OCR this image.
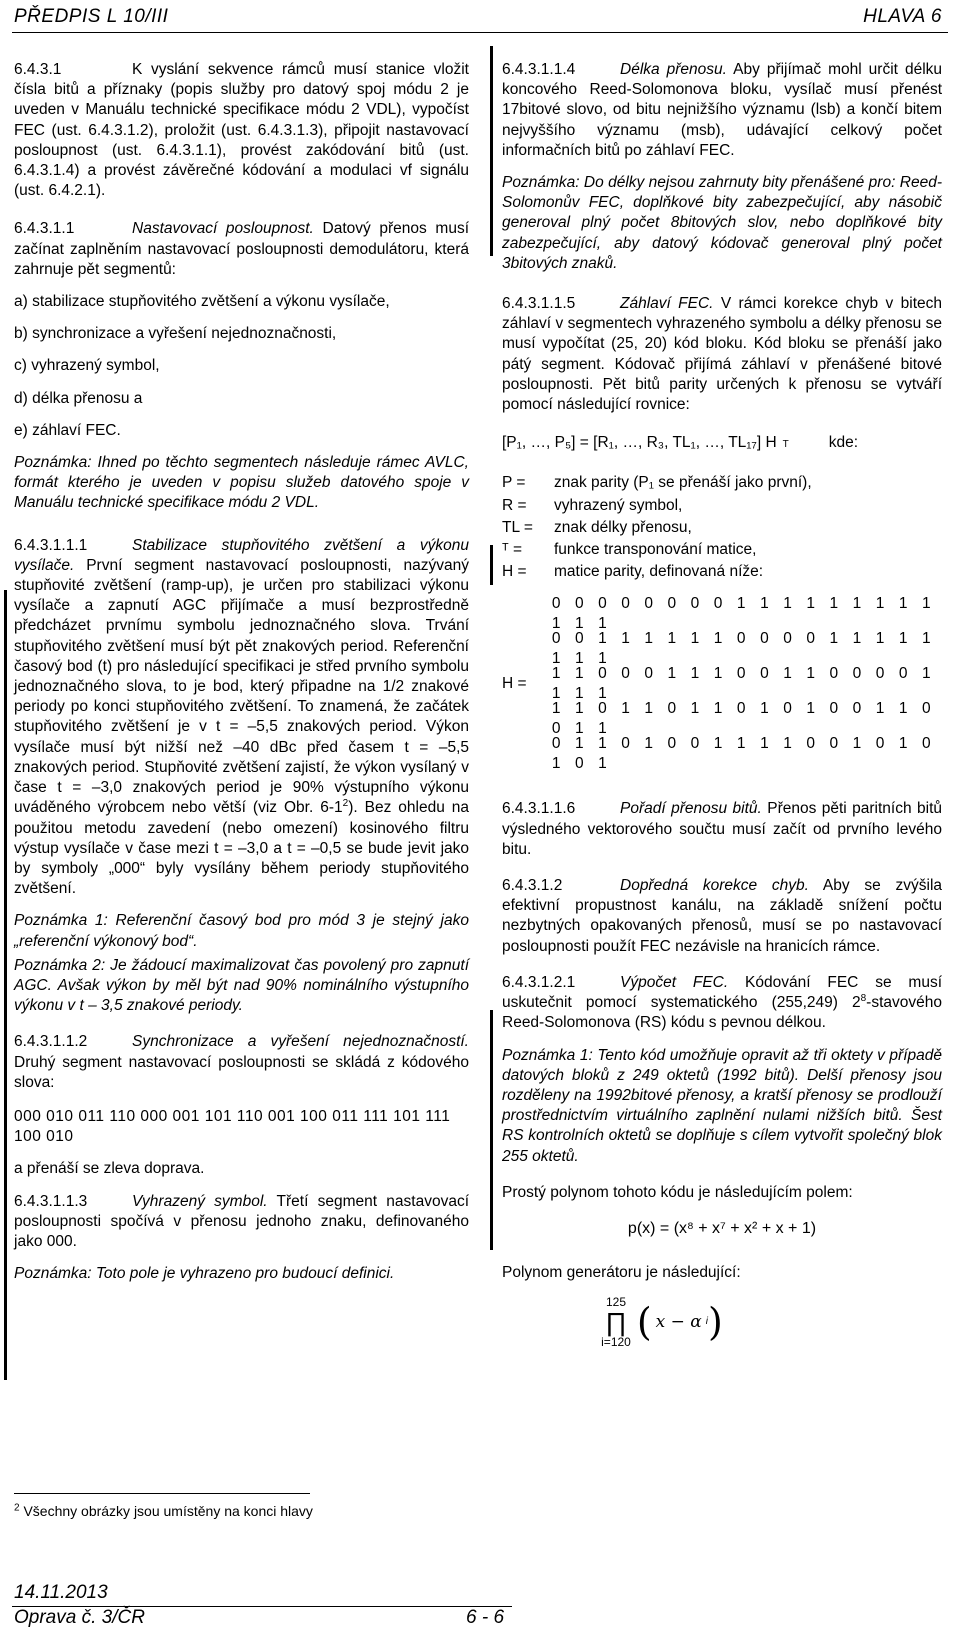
PŘEDPIS L 10/III	HLAVA 6

6.4.3.1	K vyslání sekvence rámců musí stanice vložit čísla bitů a příznaky (popis služby pro datový spoj módu 2 je uveden v Manuálu technické specifikace módu 2 VDL), vypočíst FEC (ust. 6.4.3.1.2), proložit (ust. 6.4.3.1.3), připojit nastavovací posloupnost (ust. 6.4.3.1.1), provést zakódování bitů (ust. 6.4.3.1.4) a provést závěrečné kódování a modulaci vf signálu (ust. 6.4.2.1).

6.4.3.1.1	Nastavovací posloupnost. Datový přenos musí začínat zaplněním nastavovací posloupnosti demodulátoru, která zahrnuje pět segmentů:

a) stabilizace stupňovitého zvětšení a výkonu vysílače,

b) synchronizace a vyřešení nejednoznačnosti,

c) vyhrazený symbol,

d) délka přenosu a

e) záhlaví FEC.

Poznámka: Ihned po těchto segmentech následuje rámec AVLC, formát kterého je uveden v popisu služeb datového spoje v Manuálu technické specifikace módu 2 VDL.

6.4.3.1.1.1	Stabilizace stupňovitého zvětšení a výkonu vysílače. První segment nastavovací posloupnosti, nazývaný stupňovité zvětšení (ramp-up), je určen pro stabilizaci výkonu vysílače a zapnutí AGC přijímače a musí bezprostředně předcházet prvnímu symbolu jednoznačného slova. Trvání stupňovitého zvětšení musí být pět znakových period. Referenční časový bod (t) pro následující specifikaci je střed prvního symbolu jednoznačného slova, to je bod, který připadne na 1/2 znakové periody po konci stupňovitého zvětšení. To znamená, že začátek stupňovitého zvětšení je v t = –5,5 znakových period. Výkon vysílače musí být nižší než –40 dBc před časem t = –5,5 znakových period. Stupňovité zvětšení zajistí, že výkon vysílaný v čase t = –3,0 znakových period je 90% výstupního výkonu uváděného výrobcem nebo větší (viz Obr. $6-1^2$). Bez ohledu na použitou metodu zavedení (nebo omezení) kosinového filtru výstup vysílače v čase mezi t = –3,0 a t = –0,5 se bude jevit jako by symboly „000“ byly vysílány během periody stupňovitého zvětšení.

Poznámka 1: Referenční časový bod pro mód 3 je stejný jako „referenční výkonový bod“.

Poznámka 2: Je žádoucí maximalizovat čas povolený pro zapnutí AGC. Avšak výkon by měl být nad 90% nominálního výstupního výkonu v t – 3,5 znakové periody.

6.4.3.1.1.2	Synchronizace a vyřešení nejednoznačností. Druhý segment nastavovací posloupnosti se skládá z kódového slova:

000 010 011 110 000 001 101 110 001 100 011 111 101 111 100 010

a přenáší se zleva doprava.

6.4.3.1.1.3	Vyhrazený symbol. Třetí segment nastavovací posloupnosti spočívá v přenosu jednoho znaku, definovaného jako 000.

Poznámka: Toto pole je vyhrazeno pro budoucí definici.

6.4.3.1.1.4	Délka přenosu. Aby přijímač mohl určit délku koncového Reed-Solomonova bloku, vysílač musí přenést 17bitové slovo, od bitu nejnižšího významu (lsb) a končí bitem nejvyššího významu (msb), udávající celkový počet informačních bitů po záhlaví FEC.

Poznámka: Do délky nejsou zahrnuty bity přenášené pro: Reed-Solomonův FEC, doplňkové bity zabezpečující, aby násobič generoval plný počet 8bitových slov, nebo doplňkové bity zabezpečující, aby datový kódovač generoval plný počet 3bitových znaků.

6.4.3.1.1.5	Záhlaví FEC. V rámci korekce chyb v bitech záhlaví v segmentech vyhrazeného symbolu a délky přenosu se musí vypočítat (25, 20) kód bloku. Kód bloku se přenáší jako pátý segment. Kódovač přijímá záhlaví v přenášené bitové posloupnosti. Pět bitů parity určených k přenosu se vytváří pomocí následující rovnice:

[P₁, …, P₅] = [R₁, …, R₃, TL₁, …, TL₁₇] H T	kde:
P = znak parity (P₁ se přenáší jako první),
R = vyhrazený symbol,
TL = znak délky přenosu,
ᵀ = funkce transponování matice,
H = matice parity, definovaná níže:
0 0 0 0 0 0 0 0 1 1 1 1 1 1 1 1 1 1 1 1
0 0 1 1 1 1 1 1 0 0 0 0 1 1 1 1 1 1 1 1
H =
1 1 0 0 0 1 1 1 0 0 1 1 0 0 0 0 1 1 1 1
1 1 0 1 1 0 1 1 0 1 0 1 0 0 1 1 0 0 1 1
0 1 1 0 1 0 0 1 1 1 1 0 0 1 0 1 0 1 0 1

6.4.3.1.1.6	Pořadí přenosu bitů. Přenos pěti paritních bitů výsledného vektorového součtu musí začít od prvního levého bitu.

6.4.3.1.2	Dopředná korekce chyb. Aby se zvýšila efektivní propustnost kanálu, na základě snížení počtu nezbytných opakovaných přenosů, musí se po nastavovací posloupnosti použít FEC nezávisle na hranicích rámce.

6.4.3.1.2.1	Výpočet FEC. Kódování FEC se musí uskutečnit pomocí systematického (255,249) $2^8$-stavového Reed-Solomonova (RS) kódu s pevnou délkou.

Poznámka 1: Tento kód umožňuje opravit až tři oktety v případě datových bloků z 249 oktetů (1992 bitů). Delší přenosy jsou rozděleny na 1992bitové přenosy, a kratší přenosy se prodlouží prostřednictvím virtuálního zaplnění nulami nižších bitů. Šest RS kontrolních oktetů se doplňuje s cílem vytvořit společný blok 255 oktetů.

Prostý polynom tohoto kódu je následujícím polem:

p(x) = (x⁸ + x⁷ + x² + x + 1)

Polynom generátoru je následující:

125
∏
i=120 ( x − α i )
$^2$ Všechny obrázky jsou umístěny na konci hlavy
14.11.2013
Oprava č. 3/ČR	6 - 6
